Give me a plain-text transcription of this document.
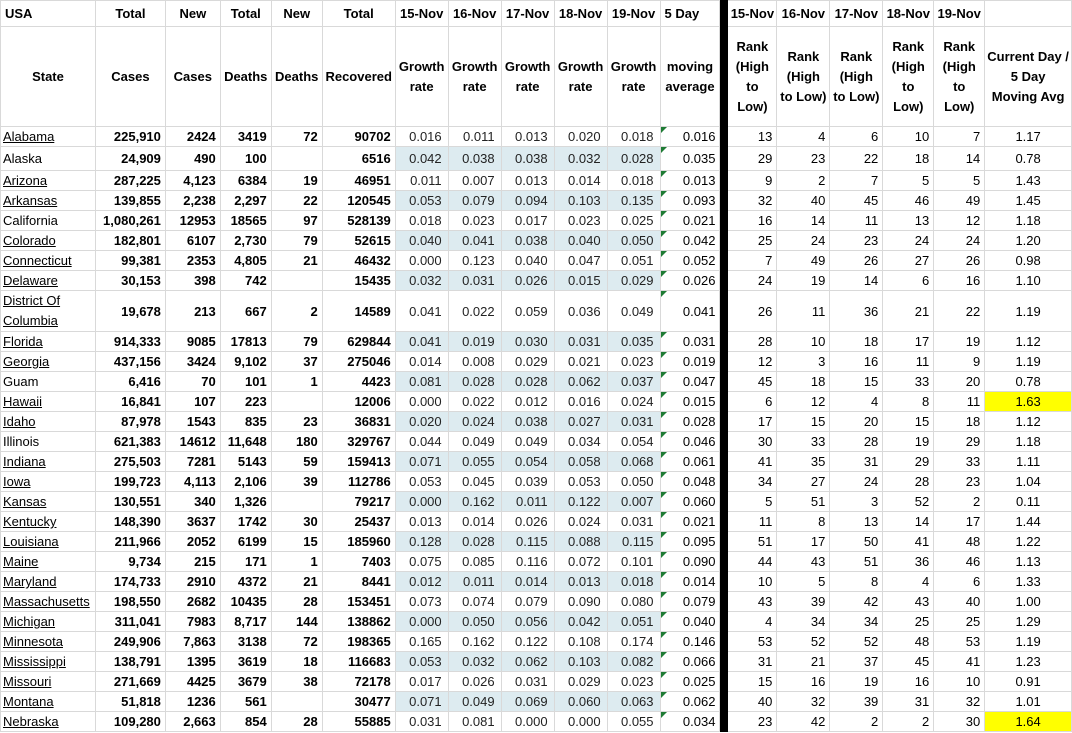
USA	Total	New	Total	New	Total	15-Nov	16-Nov	17-Nov	18-Nov	19-Nov	5 Day		15-Nov	16-Nov	17-Nov	18-Nov	19-Nov	
State	Cases	Cases	Deaths	Deaths	Recovered	Growth rate	Growth rate	Growth rate	Growth rate	Growth rate	moving average		Rank (High to Low)	Rank (High to Low)	Rank (High to Low)	Rank (High to Low)	Rank (High to Low)	Current Day / 5 Day Moving Avg
Alabama	225,910	2424	3419	72	90702	0.016	0.011	0.013	0.020	0.018	0.016		13	4	6	10	7	1.17
Alaska	24,909	490	100		6516	0.042	0.038	0.038	0.032	0.028	0.035		29	23	22	18	14	0.78
Arizona	287,225	4,123	6384	19	46951	0.011	0.007	0.013	0.014	0.018	0.013		9	2	7	5	5	1.43
Arkansas	139,855	2,238	2,297	22	120545	0.053	0.079	0.094	0.103	0.135	0.093		32	40	45	46	49	1.45
California	1,080,261	12953	18565	97	528139	0.018	0.023	0.017	0.023	0.025	0.021		16	14	11	13	12	1.18
Colorado	182,801	6107	2,730	79	52615	0.040	0.041	0.038	0.040	0.050	0.042		25	24	23	24	24	1.20
Connecticut	99,381	2353	4,805	21	46432	0.000	0.123	0.040	0.047	0.051	0.052		7	49	26	27	26	0.98
Delaware	30,153	398	742		15435	0.032	0.031	0.026	0.015	0.029	0.026		24	19	14	6	16	1.10
District Of Columbia	19,678	213	667	2	14589	0.041	0.022	0.059	0.036	0.049	0.041		26	11	36	21	22	1.19
Florida	914,333	9085	17813	79	629844	0.041	0.019	0.030	0.031	0.035	0.031		28	10	18	17	19	1.12
Georgia	437,156	3424	9,102	37	275046	0.014	0.008	0.029	0.021	0.023	0.019		12	3	16	11	9	1.19
Guam	6,416	70	101	1	4423	0.081	0.028	0.028	0.062	0.037	0.047		45	18	15	33	20	0.78
Hawaii	16,841	107	223		12006	0.000	0.022	0.012	0.016	0.024	0.015		6	12	4	8	11	1.63
Idaho	87,978	1543	835	23	36831	0.020	0.024	0.038	0.027	0.031	0.028		17	15	20	15	18	1.12
Illinois	621,383	14612	11,648	180	329767	0.044	0.049	0.049	0.034	0.054	0.046		30	33	28	19	29	1.18
Indiana	275,503	7281	5143	59	159413	0.071	0.055	0.054	0.058	0.068	0.061		41	35	31	29	33	1.11
Iowa	199,723	4,113	2,106	39	112786	0.053	0.045	0.039	0.053	0.050	0.048		34	27	24	28	23	1.04
Kansas	130,551	340	1,326		79217	0.000	0.162	0.011	0.122	0.007	0.060		5	51	3	52	2	0.11
Kentucky	148,390	3637	1742	30	25437	0.013	0.014	0.026	0.024	0.031	0.021		11	8	13	14	17	1.44
Louisiana	211,966	2052	6199	15	185960	0.128	0.028	0.115	0.088	0.115	0.095		51	17	50	41	48	1.22
Maine	9,734	215	171	1	7403	0.075	0.085	0.116	0.072	0.101	0.090		44	43	51	36	46	1.13
Maryland	174,733	2910	4372	21	8441	0.012	0.011	0.014	0.013	0.018	0.014		10	5	8	4	6	1.33
Massachusetts	198,550	2682	10435	28	153451	0.073	0.074	0.079	0.090	0.080	0.079		43	39	42	43	40	1.00
Michigan	311,041	7983	8,717	144	138862	0.000	0.050	0.056	0.042	0.051	0.040		4	34	34	25	25	1.29
Minnesota	249,906	7,863	3138	72	198365	0.165	0.162	0.122	0.108	0.174	0.146		53	52	52	48	53	1.19
Mississippi	138,791	1395	3619	18	116683	0.053	0.032	0.062	0.103	0.082	0.066		31	21	37	45	41	1.23
Missouri	271,669	4425	3679	38	72178	0.017	0.026	0.031	0.029	0.023	0.025		15	16	19	16	10	0.91
Montana	51,818	1236	561		30477	0.071	0.049	0.069	0.060	0.063	0.062		40	32	39	31	32	1.01
Nebraska	109,280	2,663	854	28	55885	0.031	0.081	0.000	0.000	0.055	0.034		23	42	2	2	30	1.64
